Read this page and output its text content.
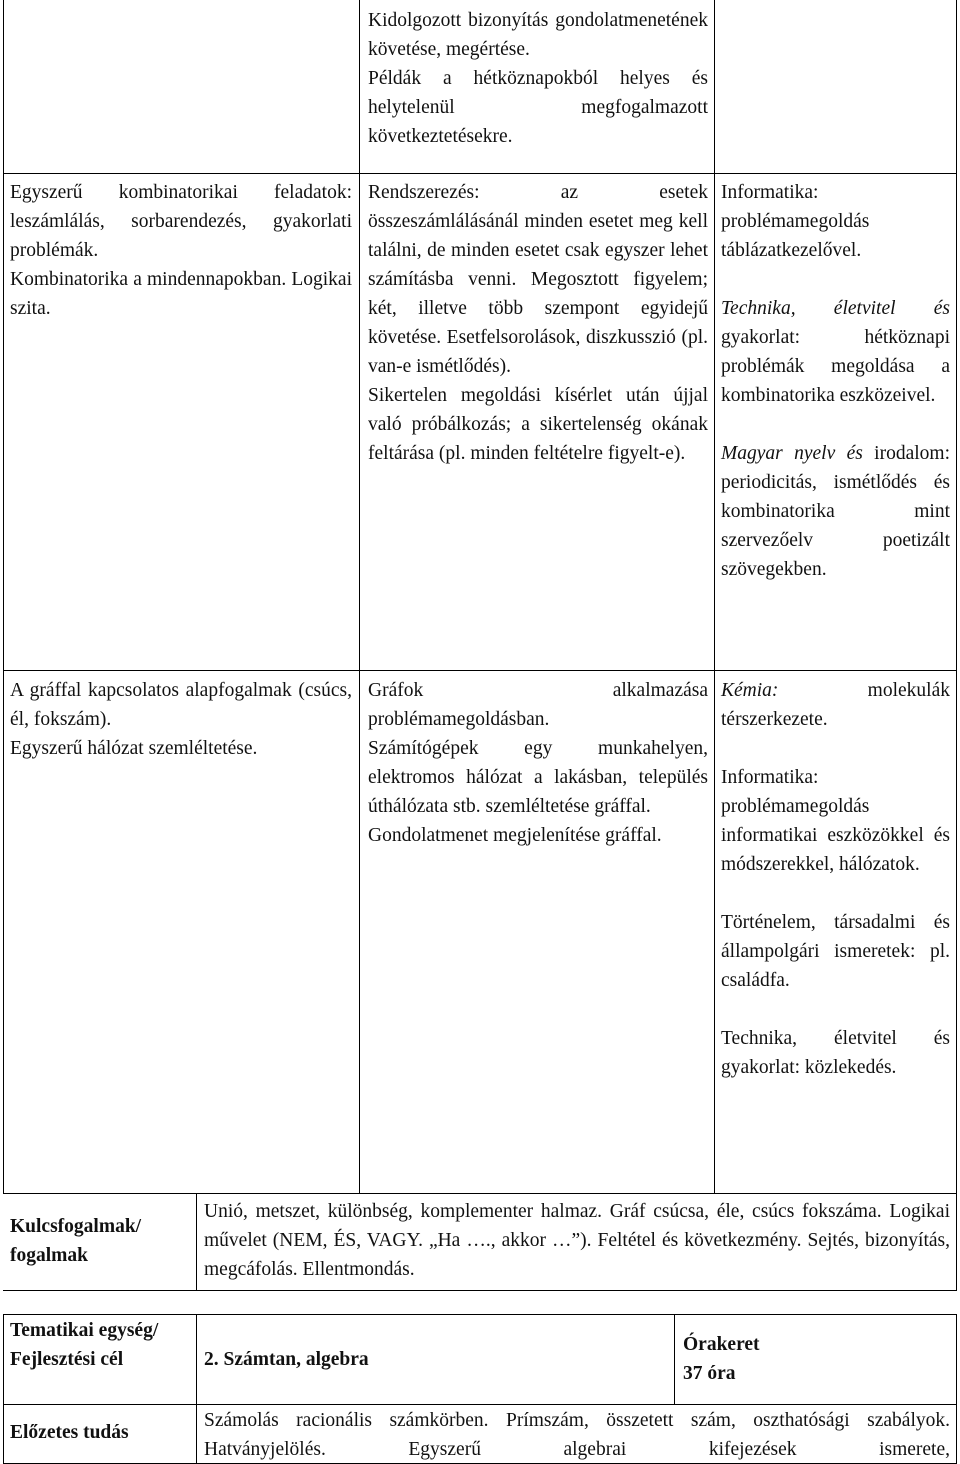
Kidolgozott bizonyítás gondolatmenetének követése, megértése.
Példák a hétköznapokból helyes és helytelenül megfogalmazott következtetésekre.
Egyszerű kombinatorikai feladatok: leszámlálás, sorbarendezés, gyakorlati problémák.
Kombinatorika a mindennapokban. Logikai szita.
Rendszerezés: az esetek összeszámlálásánál minden esetet meg kell találni, de minden esetet csak egyszer lehet számításba venni. Megosztott figyelem; két, illetve több szempont egyidejű követése. Esetfelsorolások, diszkusszió (pl. van-e ismétlődés).
Sikertelen megoldási kísérlet után újjal való próbálkozás; a sikertelenség okának feltárása (pl. minden feltételre figyelt-e).
Informatika: problémamegoldás táblázatkezelővel.
Technika, életvitel és gyakorlat: hétköznapi problémák megoldása a kombinatorika eszközeivel.
Magyar nyelv és irodalom: periodicitás, ismétlődés és kombinatorika mint szervezőelv poetizált szövegekben.
A gráffal kapcsolatos alapfogalmak (csúcs, él, fokszám).
Egyszerű hálózat szemléltetése.
Gráfok alkalmazása problémamegoldásban.
Számítógépek egy munkahelyen, elektromos hálózat a lakásban, település úthálózata stb. szemléltetése gráffal.
Gondolatmenet megjelenítése gráffal.
Kémia:	molekulák térszerkezete.
Informatika: problémamegoldás informatikai eszközökkel és módszerekkel, hálózatok.
Történelem, társadalmi és állampolgári ismeretek: pl. családfa.
Technika, életvitel és gyakorlat: közlekedés.
Kulcsfogalmak/ fogalmak
Unió, metszet, különbség, komplementer halmaz. Gráf csúcsa, éle, csúcs fokszáma. Logikai művelet (NEM, ÉS, VAGY. „Ha …., akkor …”). Feltétel és következmény. Sejtés, bizonyítás, megcáfolás. Ellentmondás.
Tematikai egység/ Fejlesztési cél	2. Számtan, algebra
Órakeret
37 óra
Előzetes tudás
Számolás racionális számkörben. Prímszám, összetett szám, oszthatósági szabályok. Hatványjelölés. Egyszerű algebrai kifejezések ismerete,
